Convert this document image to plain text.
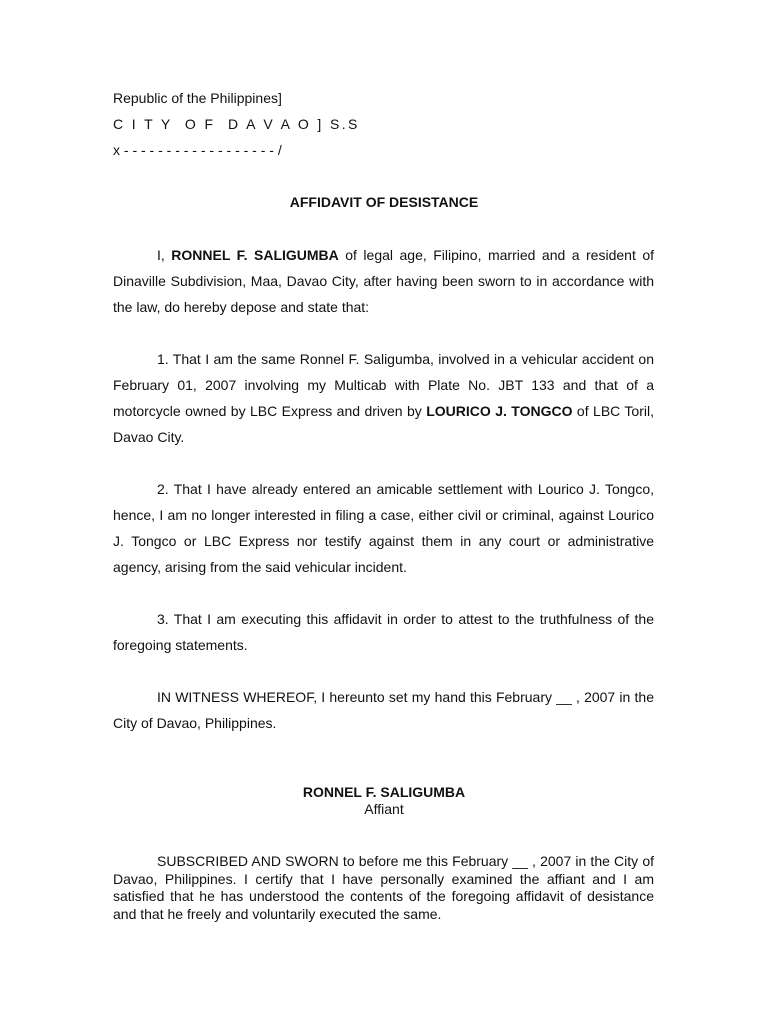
Republic of the Philippines]
C I T Y  O F  D A V A O ] S.S
x - - - - - - - - - - - - - - - - - - /
AFFIDAVIT OF DESISTANCE
I, RONNEL F. SALIGUMBA of legal age, Filipino, married and a resident of Dinaville Subdivision, Maa, Davao City, after having been sworn to in accordance with the law, do hereby depose and state that:
1. That I am the same Ronnel F. Saligumba, involved in a vehicular accident on February 01, 2007 involving my Multicab with Plate No. JBT 133 and that of a motorcycle owned by LBC Express and driven by LOURICO J. TONGCO of LBC Toril, Davao City.
2. That I have already entered an amicable settlement with Lourico J. Tongco, hence, I am no longer interested in filing a case, either civil or criminal, against Lourico J. Tongco or LBC Express nor testify against them in any court or administrative agency, arising from the said vehicular incident.
3. That I am executing this affidavit in order to attest to the truthfulness of the foregoing statements.
IN WITNESS WHEREOF, I hereunto set my hand this February __ , 2007 in the City of Davao, Philippines.
RONNEL F. SALIGUMBA
Affiant
SUBSCRIBED AND SWORN to before me this February __ , 2007 in the City of Davao, Philippines. I certify that I have personally examined the affiant and I am satisfied that he has understood the contents of the foregoing affidavit of desistance and that he freely and voluntarily executed the same.
